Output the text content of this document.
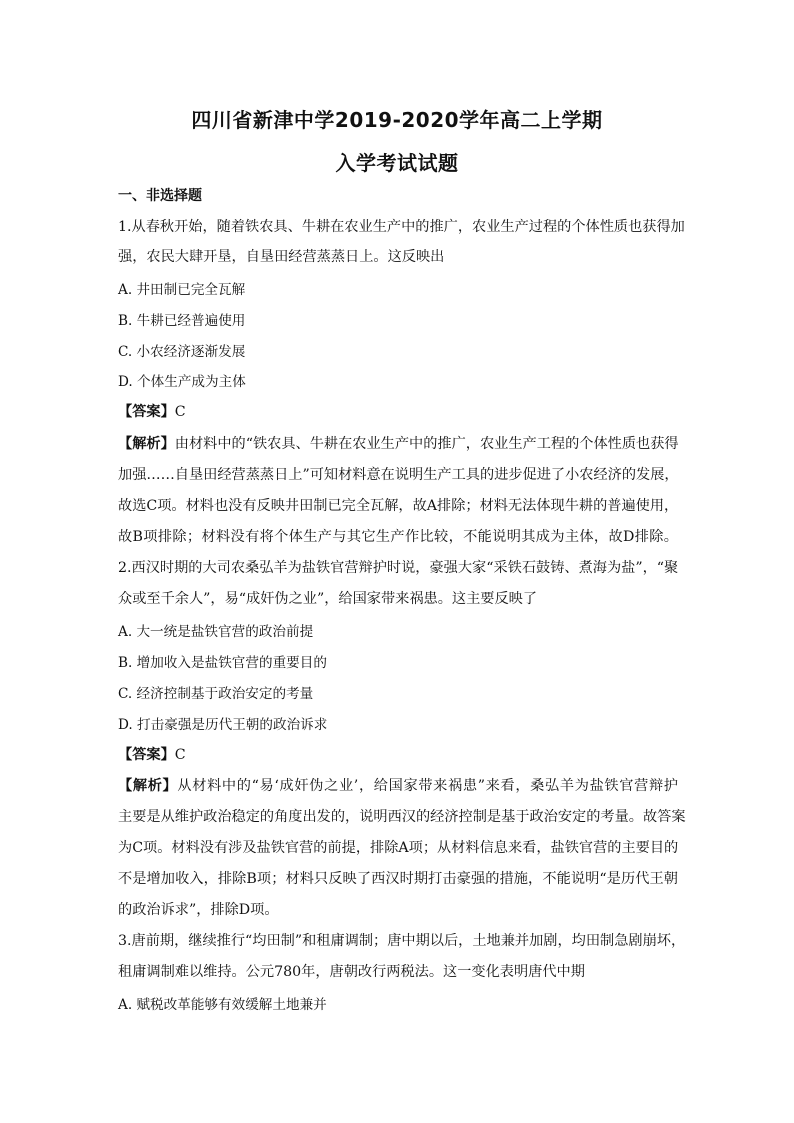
四川省新津中学2019-2020学年高二上学期
入学考试试题
一、非选择题
1.从春秋开始，随着铁农具、牛耕在农业生产中的推广，农业生产过程的个体性质也获得加
强，农民大肆开垦，自垦田经营蒸蒸日上。这反映出
A. 井田制已完全瓦解
B. 牛耕已经普遍使用
C. 小农经济逐渐发展
D. 个体生产成为主体
【答案】C
【解析】由材料中的“铁农具、牛耕在农业生产中的推广，农业生产工程的个体性质也获得
加强……自垦田经营蒸蒸日上”可知材料意在说明生产工具的进步促进了小农经济的发展，
故选C项。材料也没有反映井田制已完全瓦解，故A排除；材料无法体现牛耕的普遍使用，
故B项排除；材料没有将个体生产与其它生产作比较，不能说明其成为主体，故D排除。
2.西汉时期的大司农桑弘羊为盐铁官营辩护时说，豪强大家“采铁石鼓铸、煮海为盐”，“聚
众或至千余人”，易“成奸伪之业”，给国家带来祸患。这主要反映了
A. 大一统是盐铁官营的政治前提
B. 增加收入是盐铁官营的重要目的
C. 经济控制基于政治安定的考量
D. 打击豪强是历代王朝的政治诉求
【答案】C
【解析】从材料中的“易‘成奸伪之业’，给国家带来祸患”来看，桑弘羊为盐铁官营辩护
主要是从维护政治稳定的角度出发的，说明西汉的经济控制是基于政治安定的考量。故答案
为C项。材料没有涉及盐铁官营的前提，排除A项；从材料信息来看，盐铁官营的主要目的
不是增加收入，排除B项；材料只反映了西汉时期打击豪强的措施，不能说明“是历代王朝
的政治诉求”，排除D项。
3.唐前期，继续推行“均田制”和租庸调制；唐中期以后，土地兼并加剧，均田制急剧崩坏，
租庸调制难以维持。公元780年，唐朝改行两税法。这一变化表明唐代中期
A. 赋税改革能够有效缓解土地兼并
